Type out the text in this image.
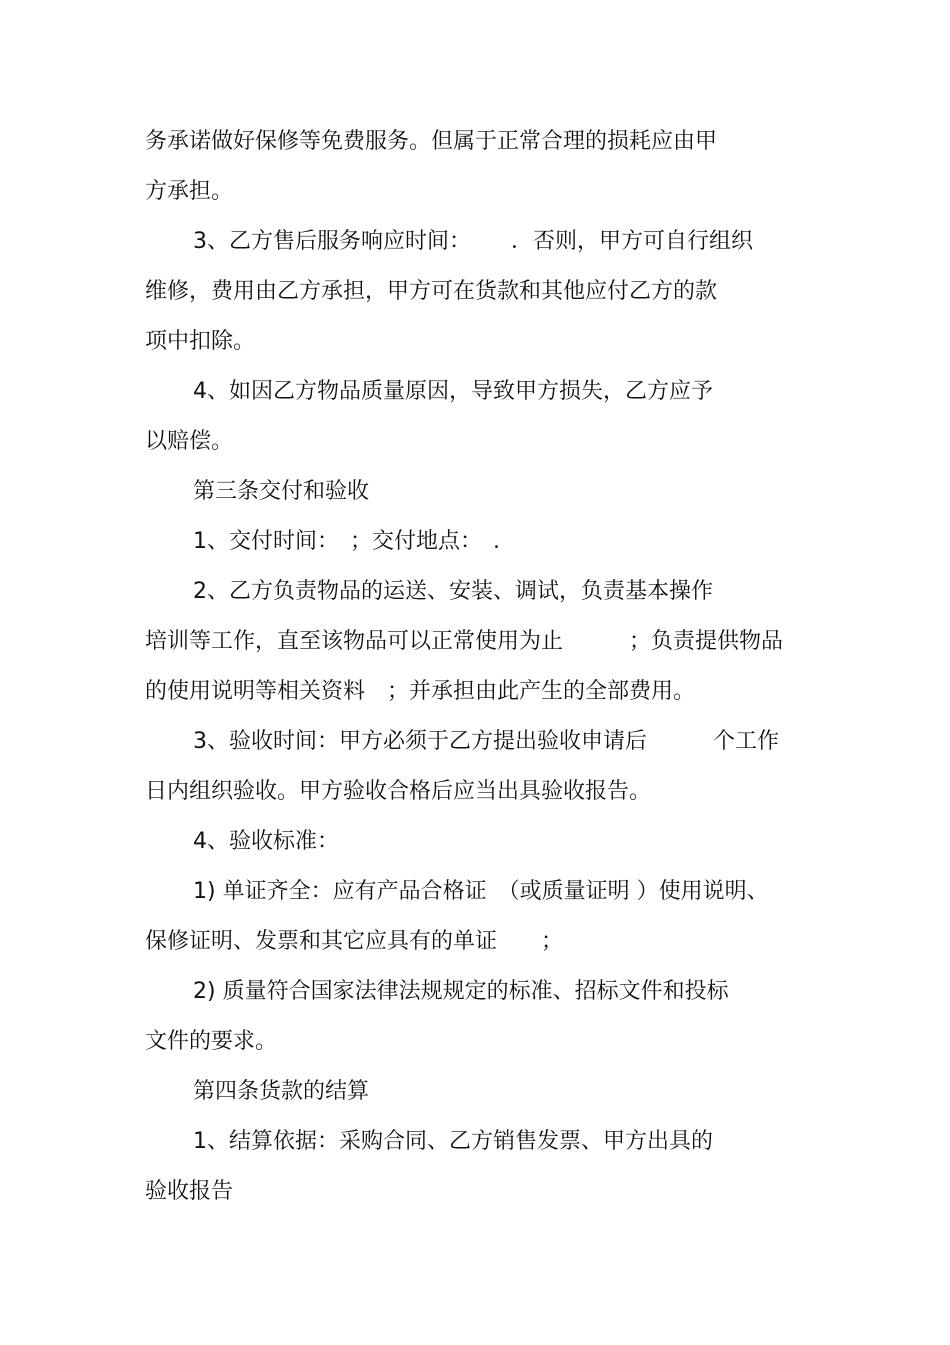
务承诺做好保修等免费服务。但属于正常合理的损耗应由甲
方承担。
3、乙方售后服务响应时间：　　 ．否则，甲方可自行组织
维修，费用由乙方承担，甲方可在货款和其他应付乙方的款
项中扣除。
4、如因乙方物品质量原因，导致甲方损失，乙方应予
以赔偿。
第三条交付和验收
1、交付时间：　；交付地点：　.
2、乙方负责物品的运送、安装、调试，负责基本操作
培训等工作，直至该物品可以正常使用为止　　　；负责提供物品
的使用说明等相关资料　；并承担由此产生的全部费用。
3、验收时间：甲方必须于乙方提出验收申请后　　　个工作
日内组织验收。甲方验收合格后应当出具验收报告。
4、验收标准：
1) 单证齐全：应有产品合格证　（或质量证明 ）使用说明、
保修证明、发票和其它应具有的单证　　；
2) 质量符合国家法律法规规定的标准、招标文件和投标
文件的要求。
第四条货款的结算
1、结算依据：采购合同、乙方销售发票、甲方出具的
验收报告
